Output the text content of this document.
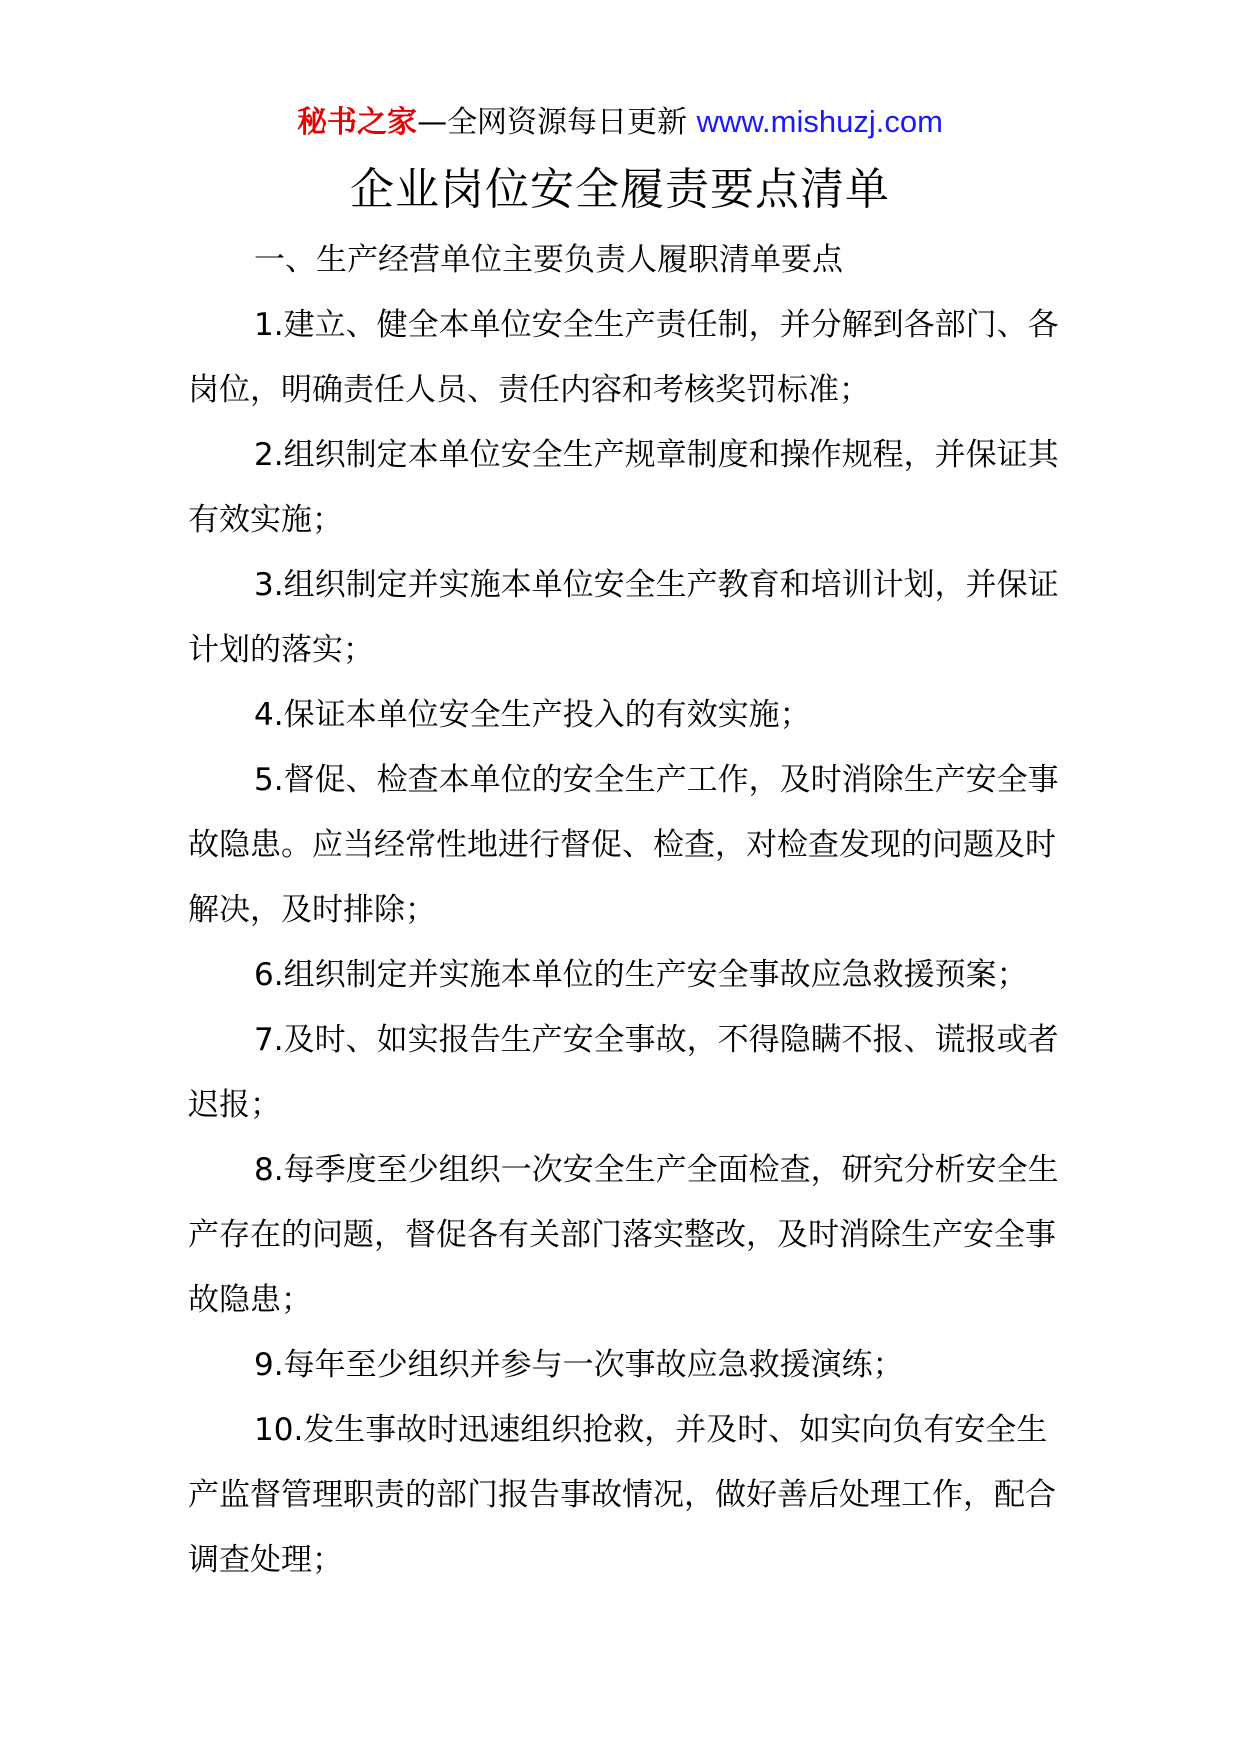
秘书之家—全网资源每日更新 www.mishuzj.com
企业岗位安全履责要点清单

一、生产经营单位主要负责人履职清单要点

1.建立、健全本单位安全生产责任制，并分解到各部门、各岗位，明确责任人员、责任内容和考核奖罚标准；

2.组织制定本单位安全生产规章制度和操作规程，并保证其有效实施；

3.组织制定并实施本单位安全生产教育和培训计划，并保证计划的落实；

4.保证本单位安全生产投入的有效实施；

5.督促、检查本单位的安全生产工作，及时消除生产安全事故隐患。应当经常性地进行督促、检查，对检查发现的问题及时解决，及时排除；

6.组织制定并实施本单位的生产安全事故应急救援预案；

7.及时、如实报告生产安全事故，不得隐瞒不报、谎报或者迟报；

8.每季度至少组织一次安全生产全面检查，研究分析安全生产存在的问题，督促各有关部门落实整改，及时消除生产安全事故隐患；

9.每年至少组织并参与一次事故应急救援演练；

10.发生事故时迅速组织抢救，并及时、如实向负有安全生产监督管理职责的部门报告事故情况，做好善后处理工作，配合调查处理；
